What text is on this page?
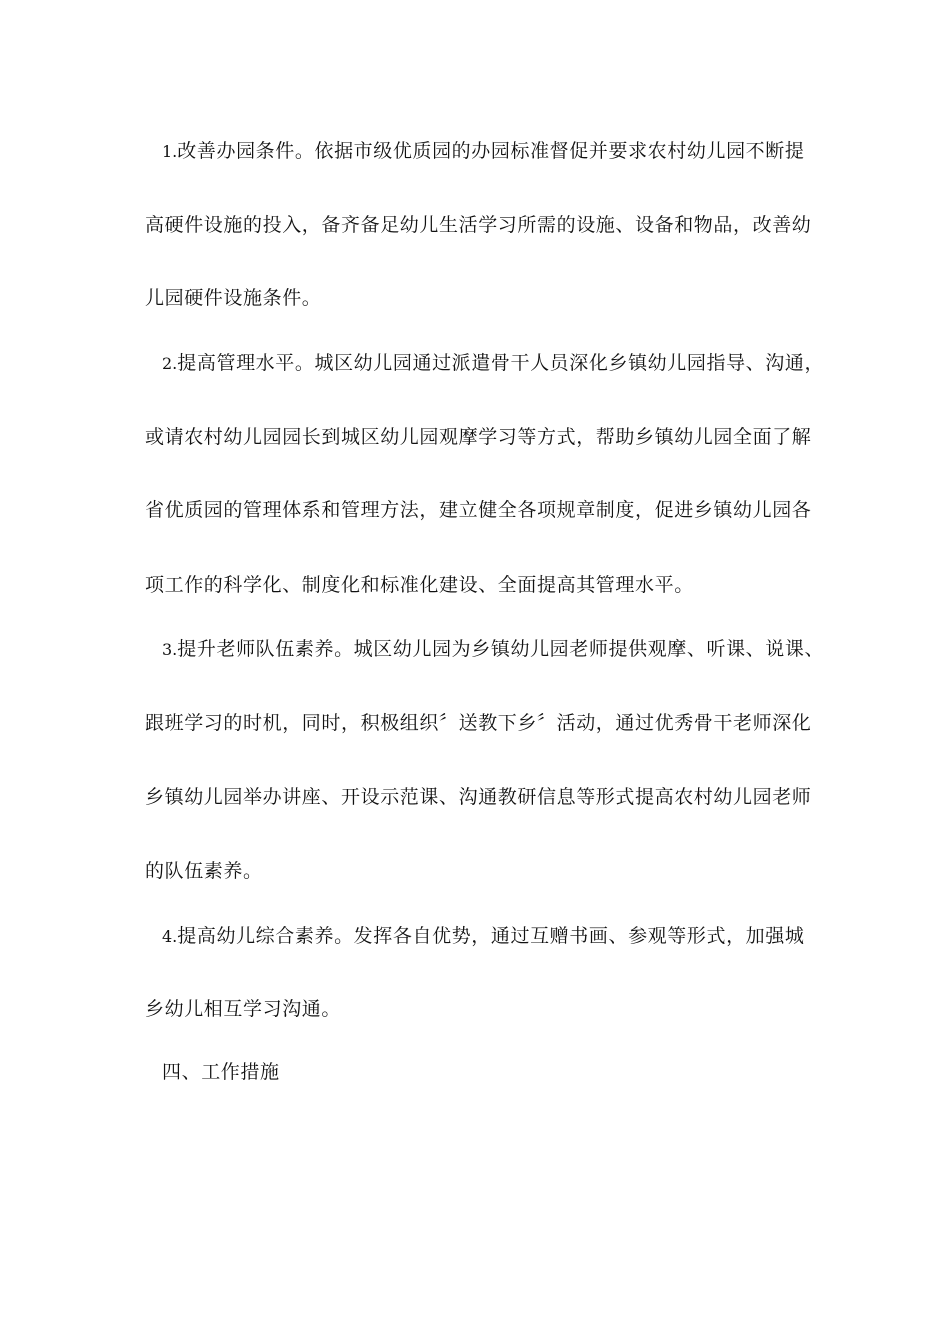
1.改善办园条件。依据市级优质园的办园标准督促并要求农村幼儿园不断提
高硬件设施的投入，备齐备足幼儿生活学习所需的设施、设备和物品，改善幼
儿园硬件设施条件。
2.提高管理水平。城区幼儿园通过派遣骨干人员深化乡镇幼儿园指导、沟通，
或请农村幼儿园园长到城区幼儿园观摩学习等方式，帮助乡镇幼儿园全面了解
省优质园的管理体系和管理方法，建立健全各项规章制度，促进乡镇幼儿园各
项工作的科学化、制度化和标准化建设、全面提高其管理水平。
3.提升老师队伍素养。城区幼儿园为乡镇幼儿园老师提供观摩、听课、说课、
跟班学习的时机，同时，积极组织〞送教下乡〞活动，通过优秀骨干老师深化
乡镇幼儿园举办讲座、开设示范课、沟通教研信息等形式提高农村幼儿园老师
的队伍素养。
4.提高幼儿综合素养。发挥各自优势，通过互赠书画、参观等形式，加强城
乡幼儿相互学习沟通。
四、工作措施
